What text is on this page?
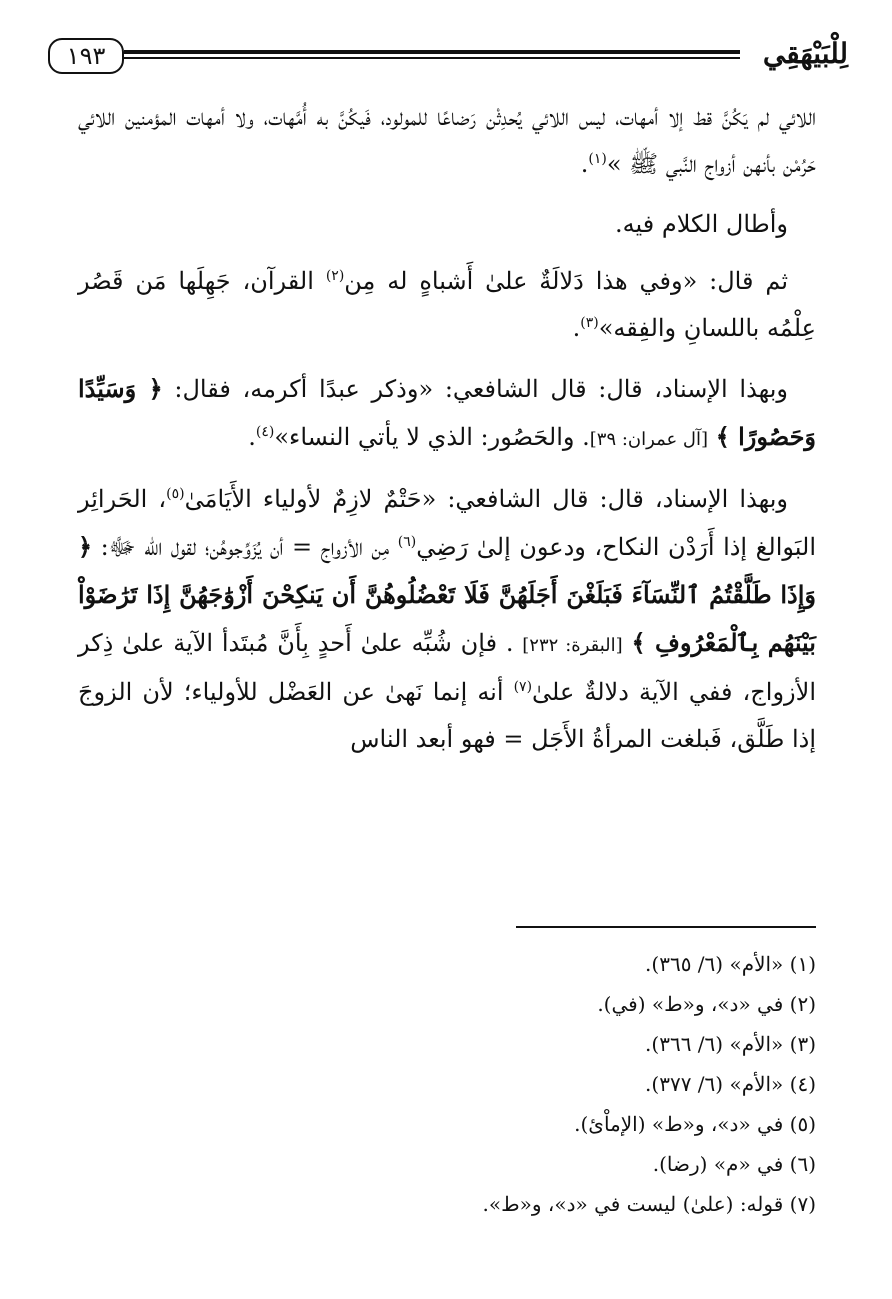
١٩٣	لِلْبَيْهَقِي

اللائي لم يَكُنَّ قط إلا أمهات، ليس اللائي يُحدِثْن رَضاعًا للمولود، فَيكُنَّ به أُمَّهات، ولا أمهات المؤمنين اللائي حَرُمْن بأنهن أزواج النَّبي ﷺ »$^{(١)}$.

وأطال الكلام فيه.

ثم قال: «وفي هذا دَلالَةٌ علىٰ أَشباهٍ له مِن$^{(٢)}$ القرآن، جَهِلَها مَن قَصُر عِلْمُه باللسانِ والفِقه»$^{(٣)}$.

وبهذا الإسناد، قال: قال الشافعي: «وذكر عبدًا أكرمه، فقال: ﴿ وَسَيِّدًا وَحَصُورًا ﴾ [آل عمران: ٣٩]. والحَصُور: الذي لا يأتي النساء»$^{(٤)}$.

وبهذا الإسناد، قال: قال الشافعي: «حَتْمٌ لازِمٌ لأولياء الأَيَامَىٰ$^{(٥)}$، الحَرائِر البَوالغ إذا أَرَدْن النكاح، ودعون إلىٰ رَضِي$^{(٦)}$ مِن الأزواج = أن يُزَوِّجوهُن؛ لقول الله ﷻ: ﴿ وَإِذَا طَلَّقْتُمُ ٱلنِّسَآءَ فَبَلَغْنَ أَجَلَهُنَّ فَلَا تَعْضُلُوهُنَّ أَن يَنكِحْنَ أَزْوَٰجَهُنَّ إِذَا تَرَٰضَوْاْ بَيْنَهُم بِٱلْمَعْرُوفِ ﴾ [البقرة: ٢٣٢] . فإن شُبِّه علىٰ أَحدٍ بِأَنَّ مُبتَدأ الآية علىٰ ذِكر الأزواج، ففي الآية دلالةٌ علىٰ$^{(٧)}$ أنه إنما نَهىٰ عن العَضْل للأولياء؛ لأن الزوجَ إذا طَلَّق، فَبلغت المرأةُ الأَجَل = فهو أبعد الناس

(١) «الأم» (٦/ ٣٦٥).

(٢) في «د»، و«ط» (في).

(٣) «الأم» (٦/ ٣٦٦).

(٤) «الأم» (٦/ ٣٧٧).

(٥) في «د»، و«ط» (الإماْئ).

(٦) في «م» (رضا).

(٧) قوله: (علىٰ) ليست في «د»، و«ط».
